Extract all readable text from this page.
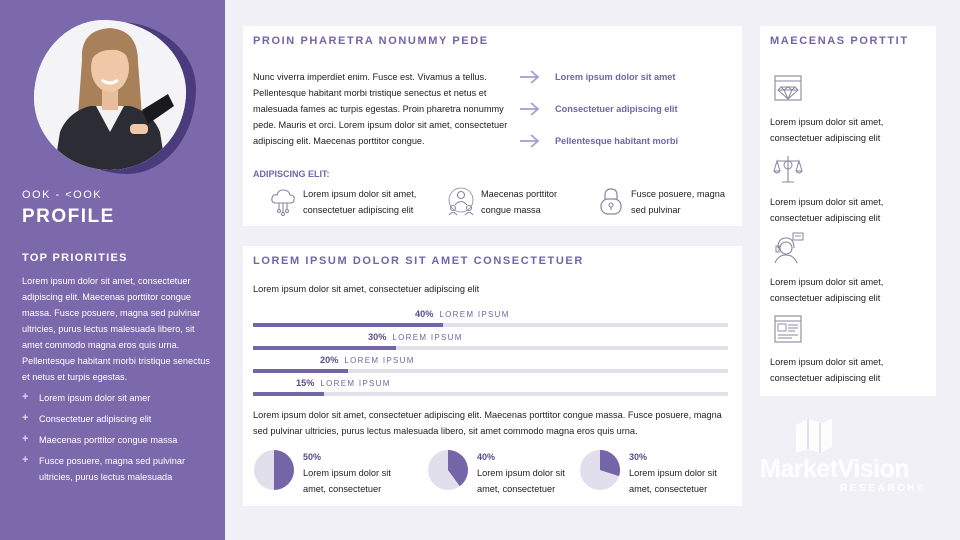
OOK - <OOK
PROFILE
TOP PRIORITIES
Lorem ipsum dolor sit amet, consectetuer adipiscing elit. Maecenas porttitor congue massa. Fusce posuere, magna sed pulvinar ultricies, purus lectus malesuada libero, sit amet commodo magna eros quis urna. Pellentesque habitant morbi tristique senectus et netus et turpis egestas.
+	Lorem ipsum dolor sit amer
+	Consectetuer adipiscing elit
+	Maecenas porttitor congue massa
+	Fusce posuere, magna sed pulvinar ultricies, purus lectus malesuada
PROIN PHARETRA NONUMMY PEDE
Nunc viverra imperdiet enim. Fusce est. Vivamus a tellus. Pellentesque habitant morbi tristique senectus et netus et malesuada fames ac turpis egestas. Proin pharetra nonummy pede. Mauris et orci. Lorem ipsum dolor sit amet, consectetuer adipiscing elit. Maecenas porttitor congue.
Lorem ipsum dolor sit amet
Consectetuer adipiscing elit
Pellentesque habitant morbi
ADIPISCING ELIT:
Lorem ipsum dolor sit amet, consectetuer adipiscing elit
Maecenas porttitor congue massa
Fusce posuere, magna sed pulvinar
LOREM IPSUM DOLOR SIT AMET CONSECTETUER
Lorem ipsum dolor sit amet, consectetuer adipiscing elit
40% LOREM IPSUM
30% LOREM IPSUM
20% LOREM IPSUM
15% LOREM IPSUM
Lorem ipsum dolor sit amet, consectetuer adipiscing elit. Maecenas porttitor congue massa. Fusce posuere, magna sed pulvinar ultricies, purus lectus malesuada libero, sit amet commodo magna eros quis urna.
50%
Lorem ipsum dolor sit amet, consectetuer
40%
Lorem ipsum dolor sit amet, consectetuer
30%
Lorem ipsum dolor sit amet, consectetuer
MAECENAS PORTTIT

Lorem ipsum dolor sit amet, consectetuer adipiscing elit

Lorem ipsum dolor sit amet, consectetuer adipiscing elit

Lorem ipsum dolor sit amet, consectetuer adipiscing elit

Lorem ipsum dolor sit amet, consectetuer adipiscing elit

MarketVision
RESEARCH®
